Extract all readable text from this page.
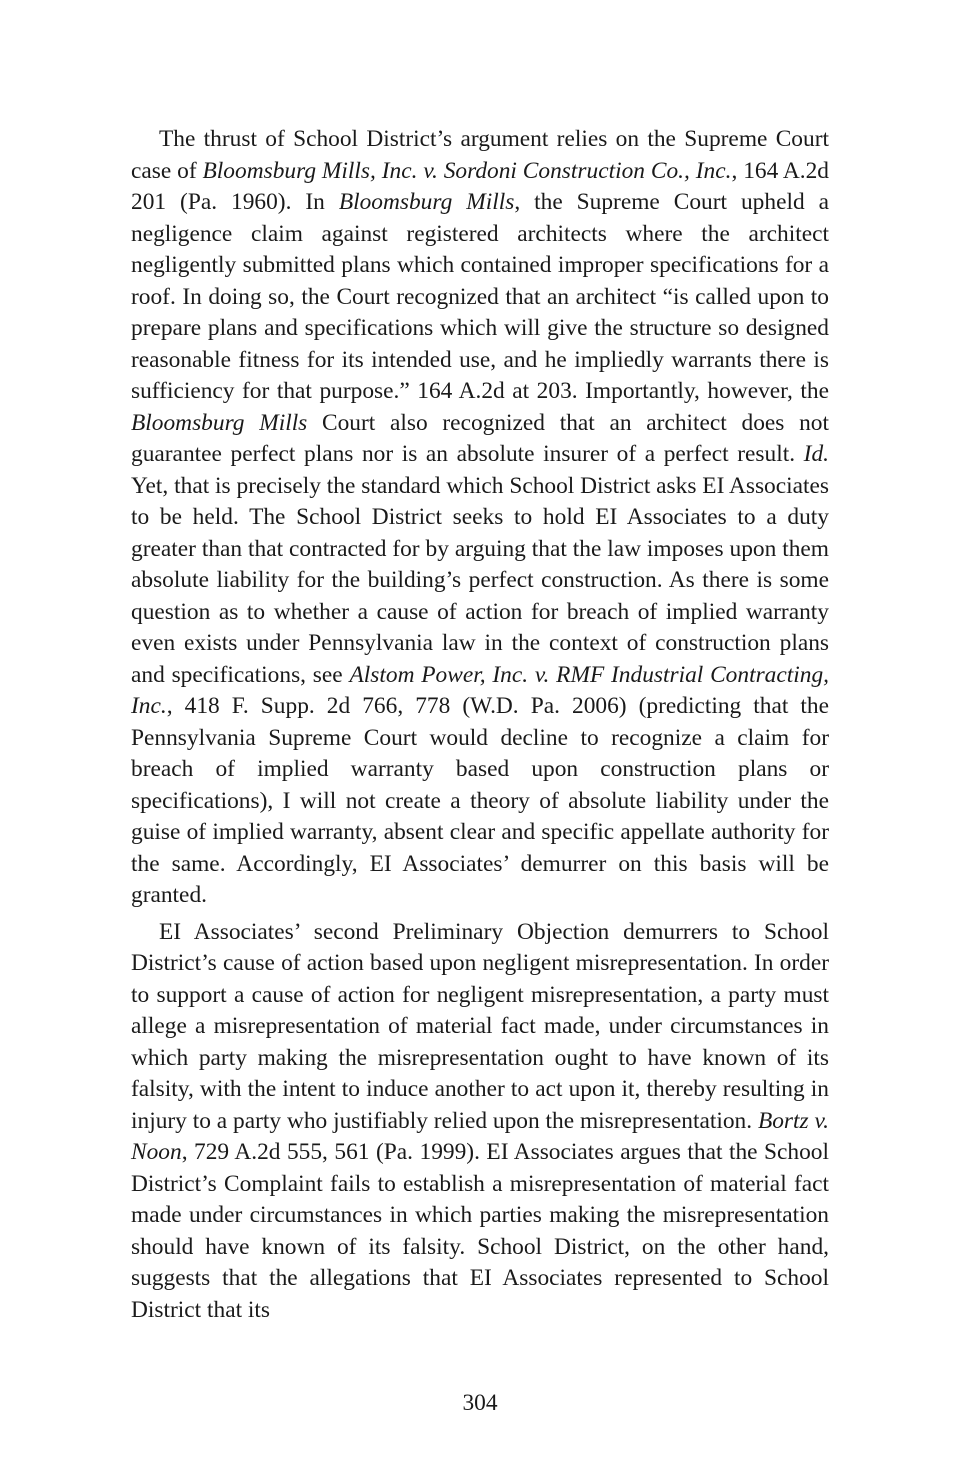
The thrust of School District’s argument relies on the Supreme Court case of Bloomsburg Mills, Inc. v. Sordoni Construction Co., Inc., 164 A.2d 201 (Pa. 1960). In Bloomsburg Mills, the Supreme Court upheld a negligence claim against registered architects where the architect negligently submitted plans which contained improper specifications for a roof. In doing so, the Court recognized that an architect “is called upon to prepare plans and specifications which will give the structure so designed reasonable fitness for its intended use, and he impliedly warrants there is sufficiency for that purpose.” 164 A.2d at 203. Importantly, however, the Bloomsburg Mills Court also recognized that an architect does not guarantee perfect plans nor is an absolute insurer of a perfect result. Id. Yet, that is precisely the standard which School District asks EI Associates to be held. The School District seeks to hold EI Associates to a duty greater than that contracted for by arguing that the law imposes upon them absolute liability for the building’s perfect construction. As there is some question as to whether a cause of action for breach of implied warranty even exists under Pennsylvania law in the context of construction plans and specifications, see Alstom Power, Inc. v. RMF Industrial Contracting, Inc., 418 F. Supp. 2d 766, 778 (W.D. Pa. 2006) (predicting that the Pennsylvania Supreme Court would decline to recognize a claim for breach of implied warranty based upon construction plans or specifications), I will not create a theory of absolute liability under the guise of implied warranty, absent clear and specific appellate authority for the same. Accordingly, EI Associates’ demurrer on this basis will be granted.

EI Associates’ second Preliminary Objection demurrers to School District’s cause of action based upon negligent misrepresentation. In order to support a cause of action for negligent misrepresentation, a party must allege a misrepresentation of material fact made, under circumstances in which party making the misrepresentation ought to have known of its falsity, with the intent to induce another to act upon it, thereby resulting in injury to a party who justifiably relied upon the misrepresentation. Bortz v. Noon, 729 A.2d 555, 561 (Pa. 1999). EI Associates argues that the School District’s Complaint fails to establish a misrepresentation of material fact made under circumstances in which parties making the misrepresentation should have known of its falsity. School District, on the other hand, suggests that the allegations that EI Associates represented to School District that its

304
